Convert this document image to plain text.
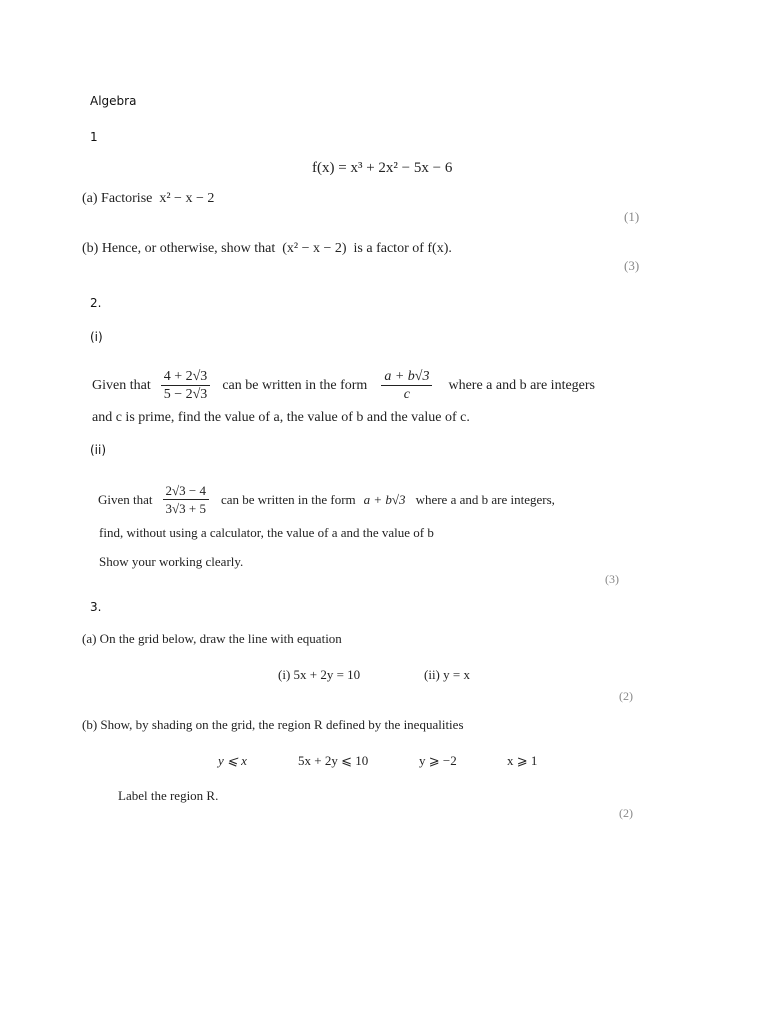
Algebra
1
f(x) = x³ + 2x² − 5x − 6
(a) Factorise x² − x − 2
(1)
(b) Hence, or otherwise, show that (x² − x − 2) is a factor of f(x).
(3)
2.
(i)
Given that $\frac{4 + 2√3}{5 - 2√3}$ can be written in the form $\frac{a + b√3}{c}$ where a and b are integers
and c is prime, find the value of a, the value of b and the value of c.
(ii)
Given that $\frac{2√3 - 4}{3√3 + 5}$ can be written in the form a + b√3 where a and b are integers,
find, without using a calculator, the value of a and the value of b
Show your working clearly.
(3)
3.
(a) On the grid below, draw the line with equation
(i) 5x + 2y = 10	(ii) y = x
(2)
(b) Show, by shading on the grid, the region R defined by the inequalities
y ⩽ x	5x + 2y ⩽ 10	y ⩾ −2	x ⩾ 1
Label the region R.
(2)
